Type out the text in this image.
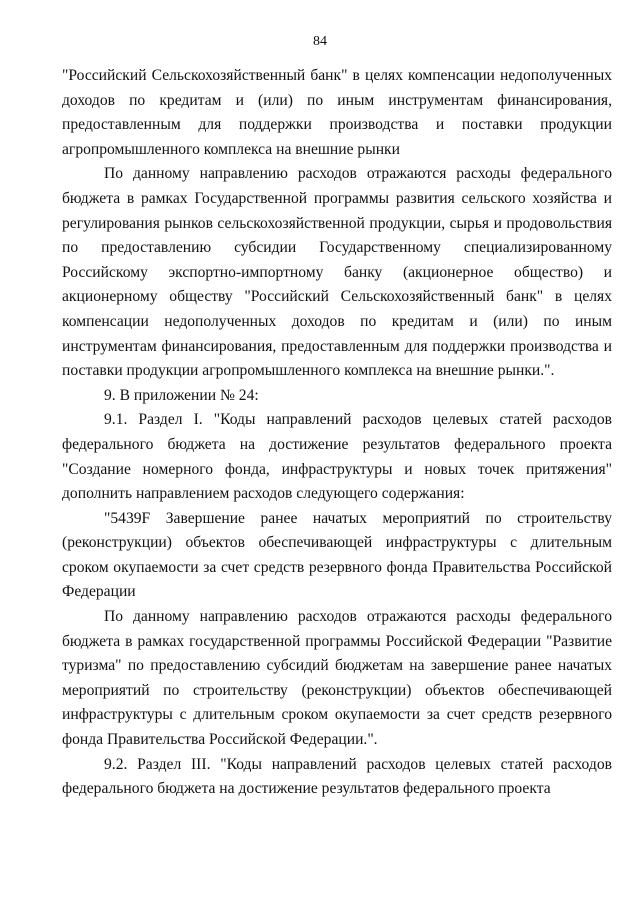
84

"Российский Сельскохозяйственный банк" в целях компенсации недополученных доходов по кредитам и (или) по иным инструментам финансирования, предоставленным для поддержки производства и поставки продукции агропромышленного комплекса на внешние рынки

По данному направлению расходов отражаются расходы федерального бюджета в рамках Государственной программы развития сельского хозяйства и регулирования рынков сельскохозяйственной продукции, сырья и продовольствия по предоставлению субсидии Государственному специализированному Российскому экспортно-импортному банку (акционерное общество) и акционерному обществу "Российский Сельскохозяйственный банк" в целях компенсации недополученных доходов по кредитам и (или) по иным инструментам финансирования, предоставленным для поддержки производства и поставки продукции агропромышленного комплекса на внешние рынки.".

9. В приложении № 24:

9.1. Раздел I. "Коды направлений расходов целевых статей расходов федерального бюджета на достижение результатов федерального проекта "Создание номерного фонда, инфраструктуры и новых точек притяжения" дополнить направлением расходов следующего содержания:

"5439F Завершение ранее начатых мероприятий по строительству (реконструкции) объектов обеспечивающей инфраструктуры с длительным сроком окупаемости за счет средств резервного фонда Правительства Российской Федерации

По данному направлению расходов отражаются расходы федерального бюджета в рамках государственной программы Российской Федерации "Развитие туризма" по предоставлению субсидий бюджетам на завершение ранее начатых мероприятий по строительству (реконструкции) объектов обеспечивающей инфраструктуры с длительным сроком окупаемости за счет средств резервного фонда Правительства Российской Федерации.".

9.2. Раздел III. "Коды направлений расходов целевых статей расходов федерального бюджета на достижение результатов федерального проекта
